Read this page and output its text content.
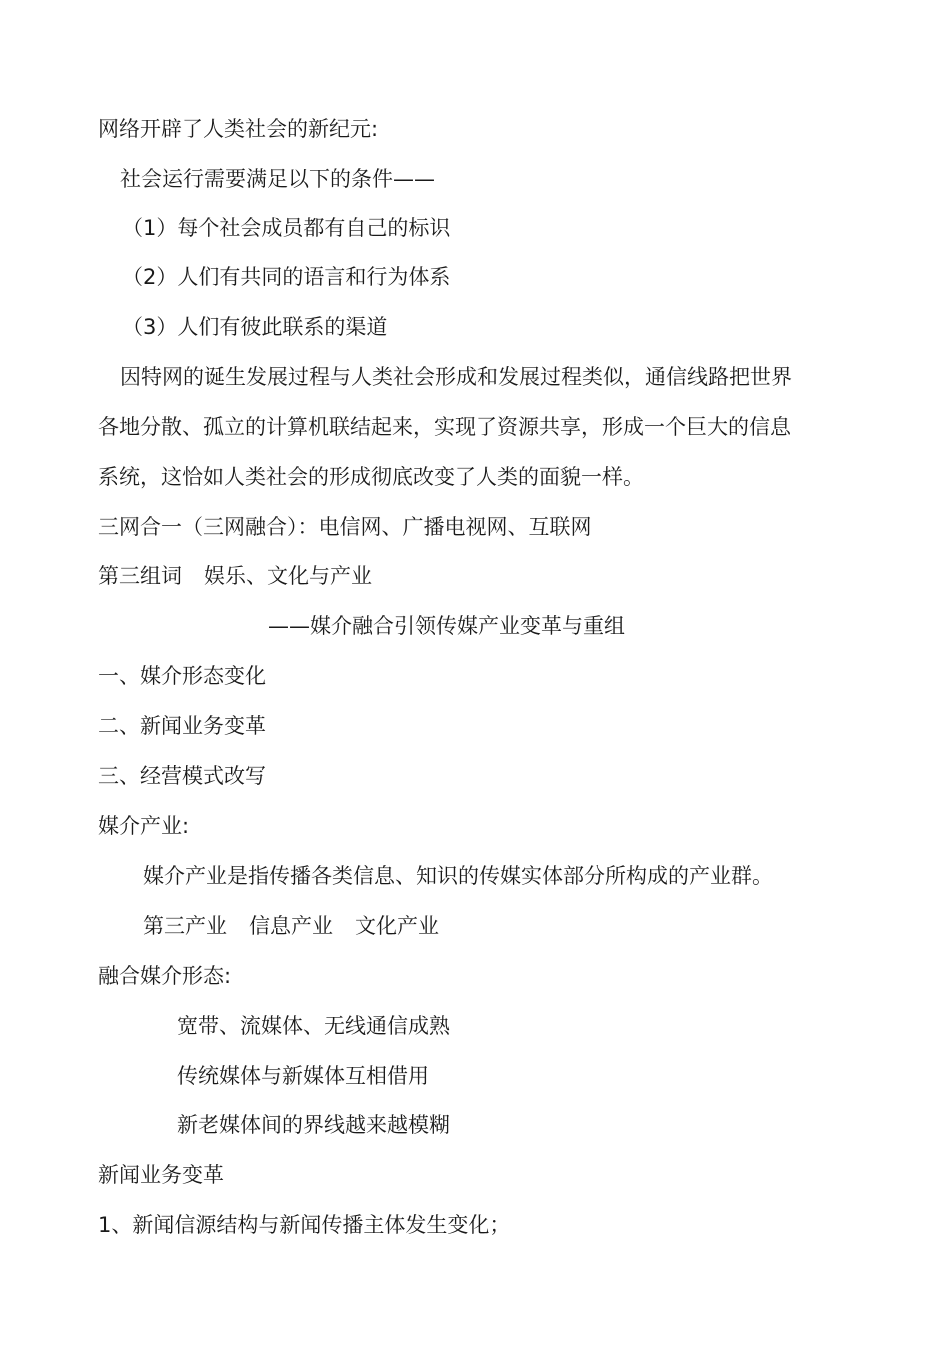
网络开辟了人类社会的新纪元:
社会运行需要满足以下的条件——
（1）每个社会成员都有自己的标识
（2）人们有共同的语言和行为体系
（3）人们有彼此联系的渠道
因特网的诞生发展过程与人类社会形成和发展过程类似，通信线路把世界
各地分散、孤立的计算机联结起来，实现了资源共享，形成一个巨大的信息
系统，这恰如人类社会的形成彻底改变了人类的面貌一样。
三网合一（三网融合）：电信网、广播电视网、互联网
第三组词 娱乐、文化与产业
——媒介融合引领传媒产业变革与重组
一、媒介形态变化
二、新闻业务变革
三、经营模式改写
媒介产业:
媒介产业是指传播各类信息、知识的传媒实体部分所构成的产业群。
第三产业 信息产业 文化产业
融合媒介形态:
宽带、流媒体、无线通信成熟
传统媒体与新媒体互相借用
新老媒体间的界线越来越模糊
新闻业务变革
1、新闻信源结构与新闻传播主体发生变化；
